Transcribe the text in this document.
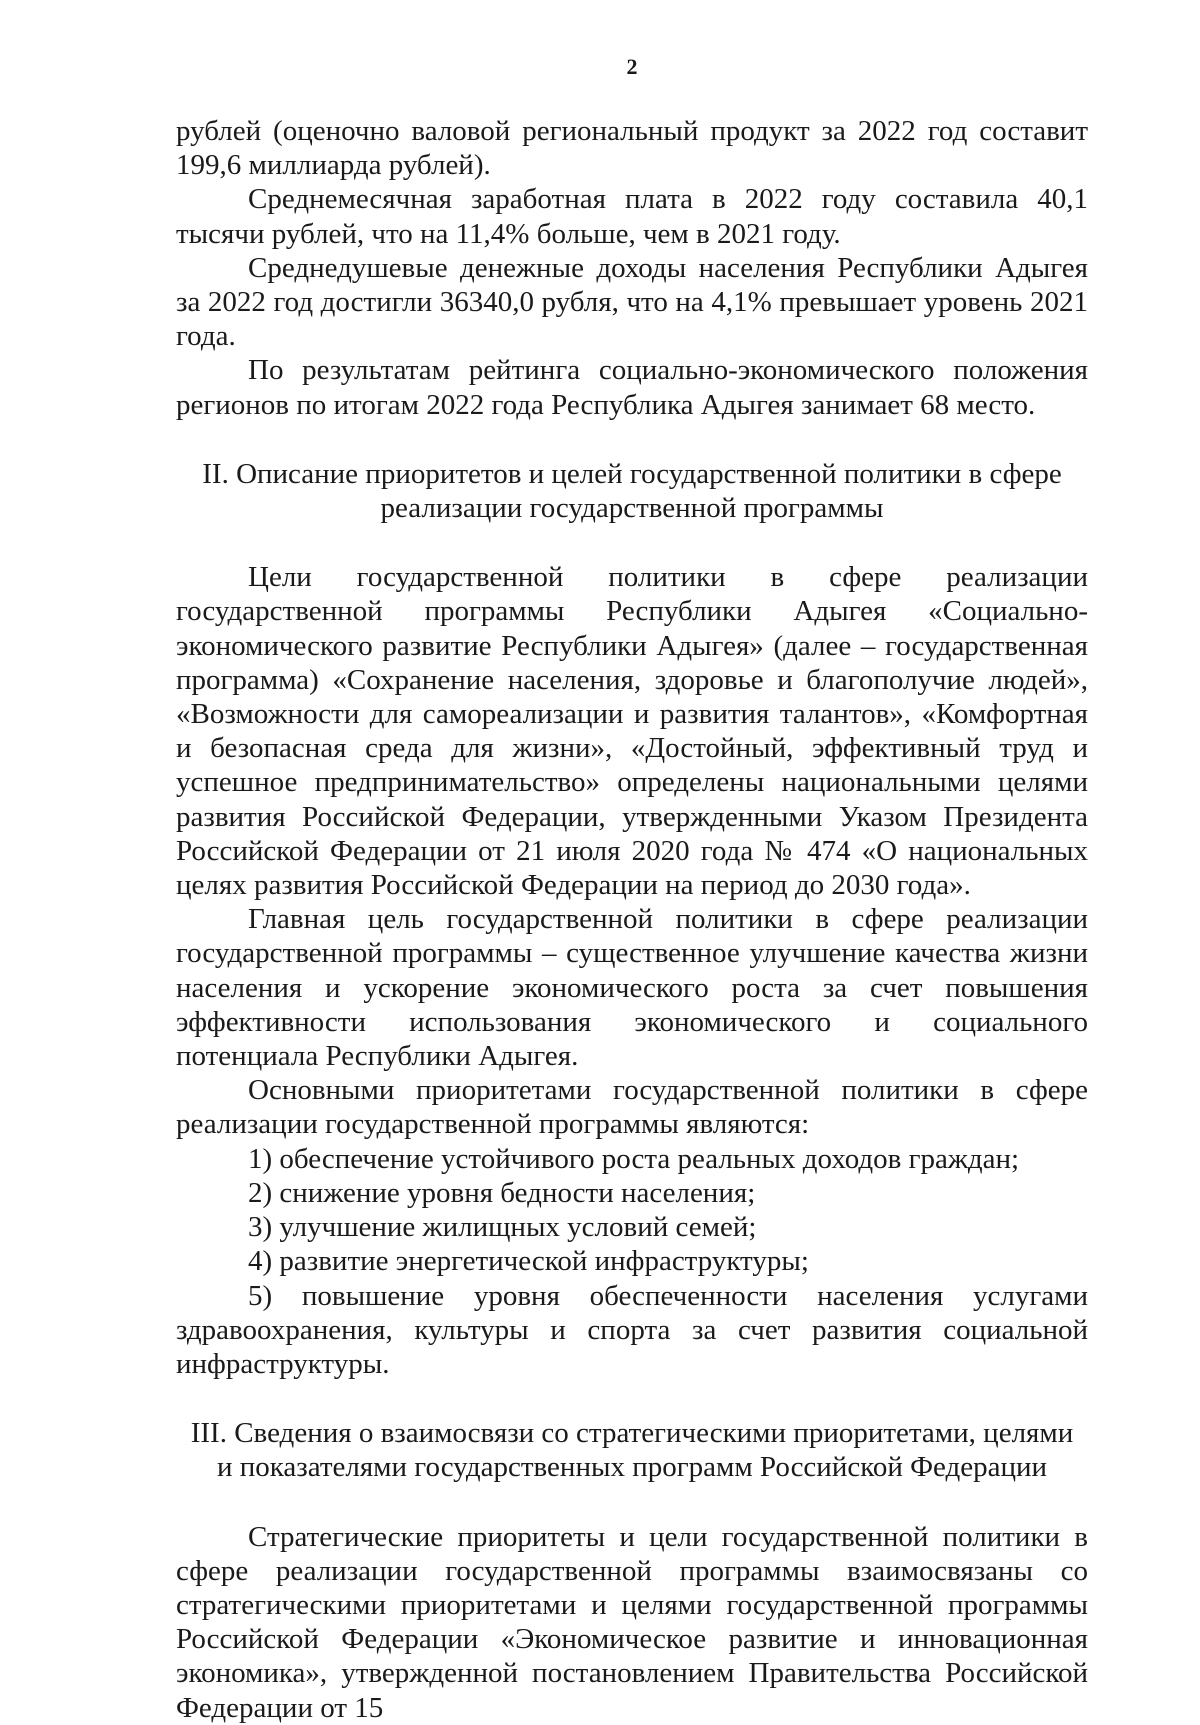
2

рублей (оценочно валовой региональный продукт за 2022 год составит 199,6 миллиарда рублей).

Среднемесячная заработная плата в 2022 году составила 40,1 тысячи рублей, что на 11,4% больше, чем в 2021 году.

Среднедушевые денежные доходы населения Республики Адыгея за 2022 год достигли 36340,0 рубля, что на 4,1% превышает уровень 2021 года.

По результатам рейтинга социально-экономического положения регионов по итогам 2022 года Республика Адыгея занимает 68 место.

II. Описание приоритетов и целей государственной политики в сфере
реализации государственной программы

Цели государственной политики в сфере реализации государственной программы Республики Адыгея «Социально-экономического развитие Республики Адыгея» (далее – государственная программа) «Сохранение населения, здоровье и благополучие людей», «Возможности для самореализации и развития талантов», «Комфортная и безопасная среда для жизни», «Достойный, эффективный труд и успешное предпринимательство» определены национальными целями развития Российской Федерации, утвержденными Указом Президента Российской Федерации от 21 июля 2020 года № 474 «О национальных целях развития Российской Федерации на период до 2030 года».

Главная цель государственной политики в сфере реализации государственной программы – существенное улучшение качества жизни населения и ускорение экономического роста за счет повышения эффективности использования экономического и социального потенциала Республики Адыгея.

Основными приоритетами государственной политики в сфере реализации государственной программы являются:

1) обеспечение устойчивого роста реальных доходов граждан;

2) снижение уровня бедности населения;

3) улучшение жилищных условий семей;

4) развитие энергетической инфраструктуры;

5) повышение уровня обеспеченности населения услугами здравоохранения, культуры и спорта за счет развития социальной инфраструктуры.

III. Сведения о взаимосвязи со стратегическими приоритетами, целями
и показателями государственных программ Российской Федерации

Стратегические приоритеты и цели государственной политики в сфере реализации государственной программы взаимосвязаны со стратегическими приоритетами и целями государственной программы Российской Федерации «Экономическое развитие и инновационная экономика», утвержденной постановлением Правительства Российской Федерации от 15
